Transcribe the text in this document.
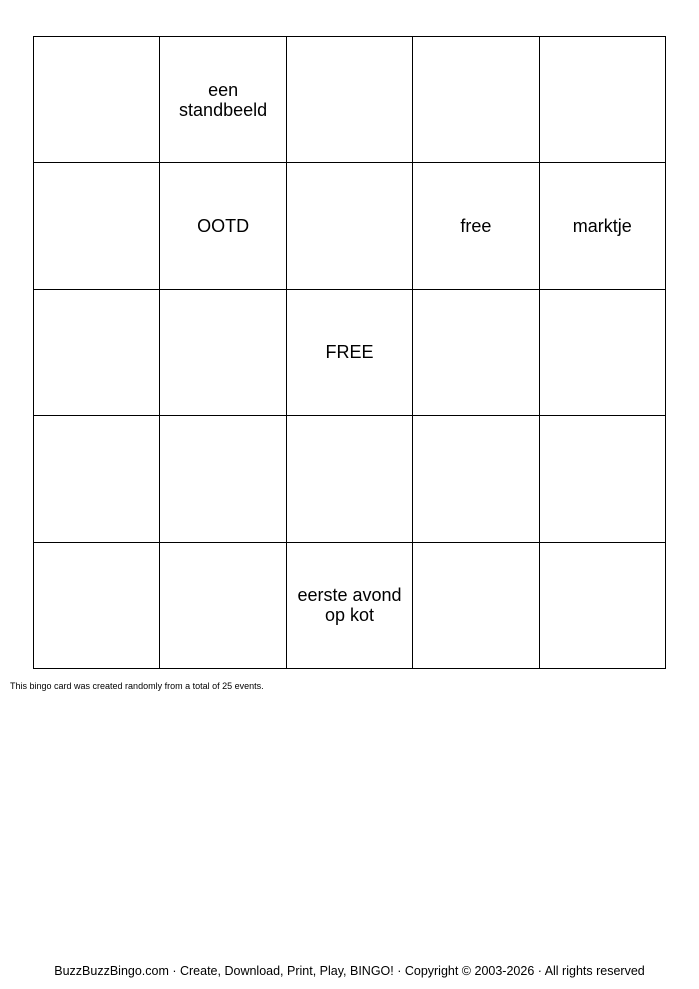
een standbeeld
OOTD	free	marktje
FREE
eerste avond op kot
This bingo card was created randomly from a total of 25 events.
BuzzBuzzBingo.com · Create, Download, Print, Play, BINGO! · Copyright © 2003-2026 · All rights reserved
